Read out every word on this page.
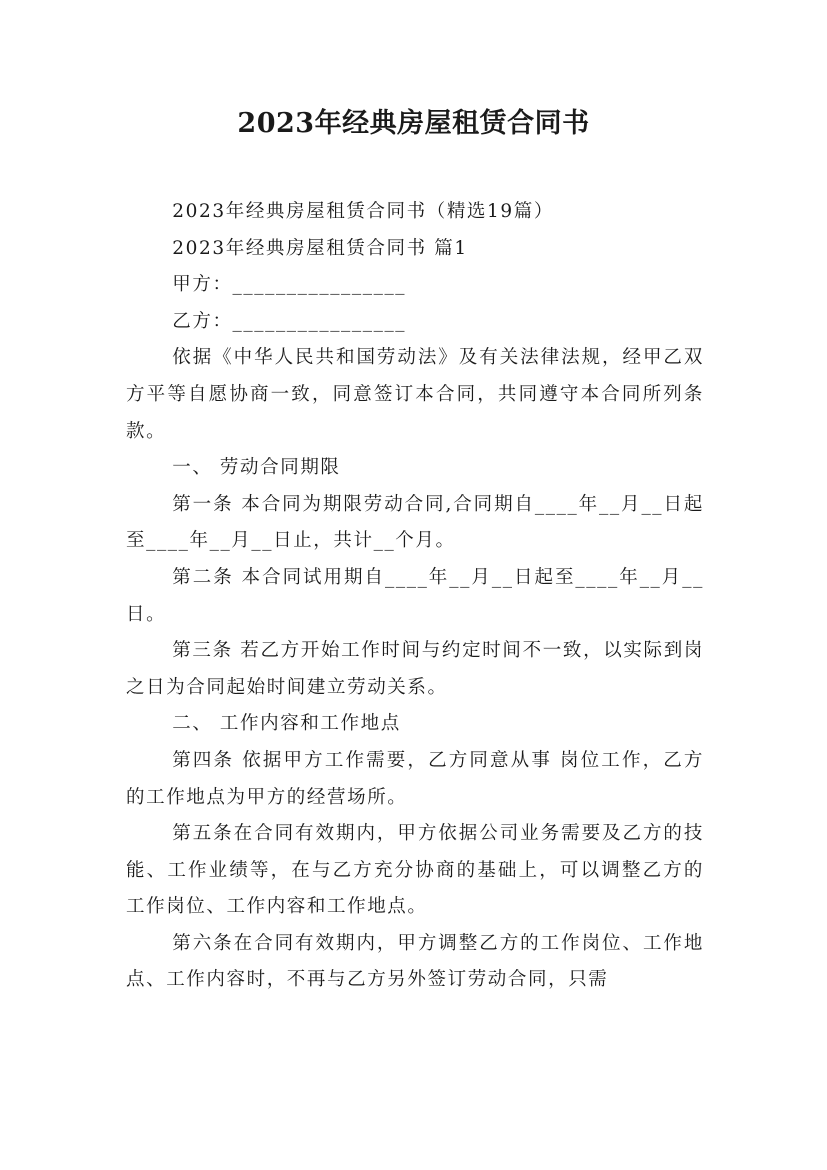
2023年经典房屋租赁合同书

2023年经典房屋租赁合同书（精选19篇）

2023年经典房屋租赁合同书 篇1

甲方：________________

乙方：________________

依据《中华人民共和国劳动法》及有关法律法规，经甲乙双方平等自愿协商一致，同意签订本合同，共同遵守本合同所列条款。

一、 劳动合同期限

第一条 本合同为期限劳动合同,合同期自____年__月__日起至____年__月__日止，共计__个月。

第二条 本合同试用期自____年__月__日起至____年__月__日。

第三条 若乙方开始工作时间与约定时间不一致，以实际到岗之日为合同起始时间建立劳动关系。

二、 工作内容和工作地点

第四条 依据甲方工作需要，乙方同意从事 岗位工作，乙方的工作地点为甲方的经营场所。

第五条在合同有效期内，甲方依据公司业务需要及乙方的技能、工作业绩等，在与乙方充分协商的基础上，可以调整乙方的工作岗位、工作内容和工作地点。

第六条在合同有效期内，甲方调整乙方的工作岗位、工作地点、工作内容时，不再与乙方另外签订劳动合同，只需
